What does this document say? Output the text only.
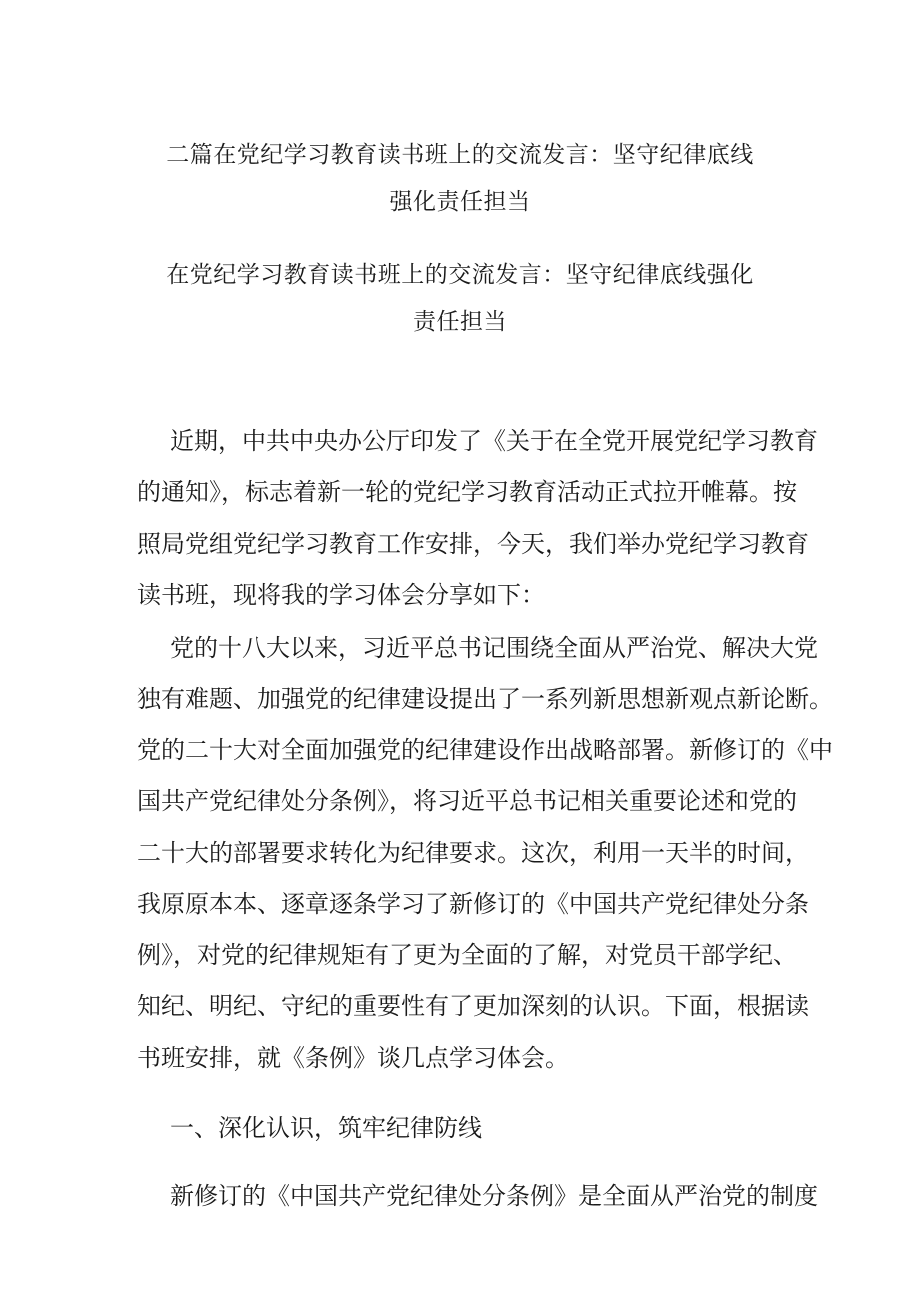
二篇在党纪学习教育读书班上的交流发言：坚守纪律底线
强化责任担当
在党纪学习教育读书班上的交流发言：坚守纪律底线强化
责任担当
近期，中共中央办公厅印发了《关于在全党开展党纪学习教育
的通知》，标志着新一轮的党纪学习教育活动正式拉开帷幕。按
照局党组党纪学习教育工作安排，今天，我们举办党纪学习教育
读书班，现将我的学习体会分享如下：
党的十八大以来，习近平总书记围绕全面从严治党、解决大党
独有难题、加强党的纪律建设提出了一系列新思想新观点新论断。
党的二十大对全面加强党的纪律建设作出战略部署。新修订的《中
国共产党纪律处分条例》，将习近平总书记相关重要论述和党的
二十大的部署要求转化为纪律要求。这次，利用一天半的时间，
我原原本本、逐章逐条学习了新修订的《中国共产党纪律处分条
例》，对党的纪律规矩有了更为全面的了解，对党员干部学纪、
知纪、明纪、守纪的重要性有了更加深刻的认识。下面，根据读
书班安排，就《条例》谈几点学习体会。
一、深化认识，筑牢纪律防线
新修订的《中国共产党纪律处分条例》是全面从严治党的制度
